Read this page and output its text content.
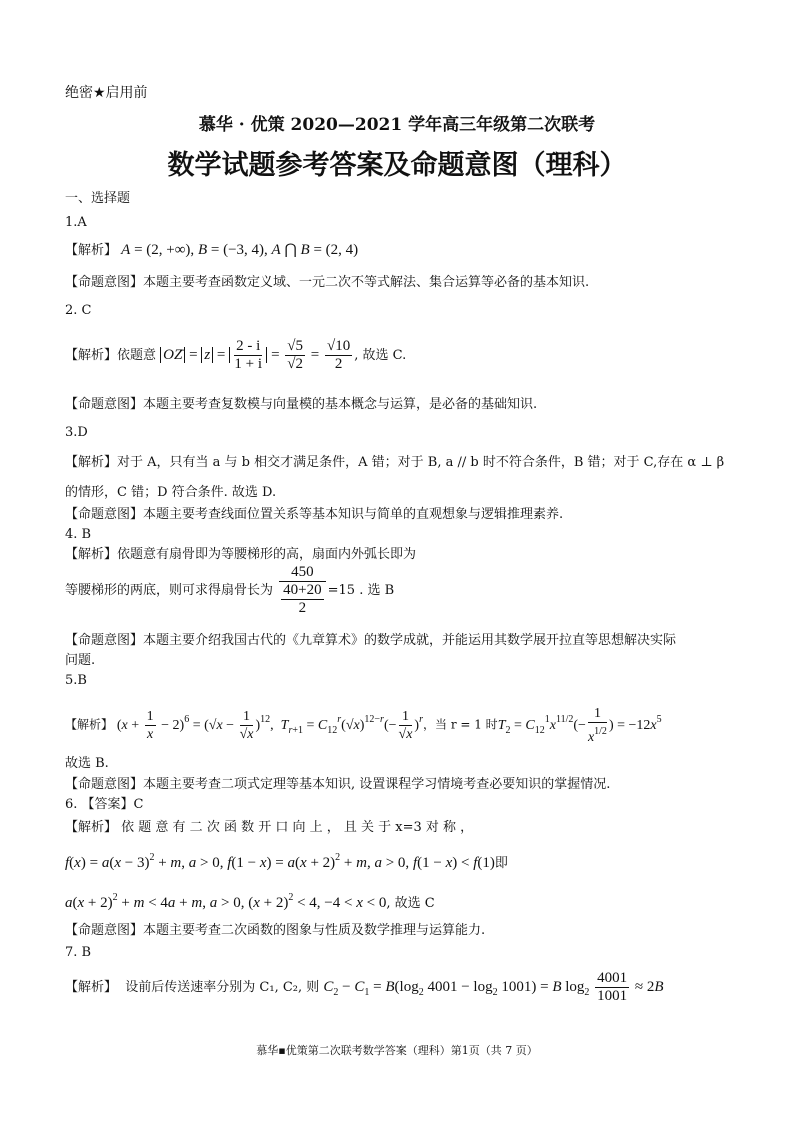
绝密★启用前
慕华 · 优策 2020—2021 学年高三年级第二次联考
数学试题参考答案及命题意图（理科）
一、选择题
1.A
【解析】 A = (2, +∞), B = (−3, 4), A ⋂ B = (2, 4)
【命题意图】本题主要考查函数定义域、一元二次不等式解法、集合运算等必备的基本知识.
2. C
【解析】依题意 OZ = $z = \frac{2 - i}{1 + i} = \frac{√5}{√2} = \frac{√10}{2}$ , 故选 C.
【命题意图】本题主要考查复数模与向量模的基本概念与运算，是必备的基础知识.
3.D
【解析】对于 A，只有当 a 与 b 相交才满足条件，A 错；对于 B, a // b 时不符合条件，B 错；对于 C,存在 α ⊥ β
的情形，C 错；D 符合条件. 故选 D.
【命题意图】本题主要考查线面位置关系等基本知识与简单的直观想象与逻辑推理素养.
4. B
【解析】依题意有扇骨即为等腰梯形的高，扇面内外弧长即为
等腰梯形的两底，则可求得扇骨长为 $\frac{450}{\frac{40+20}{2}} =15$ . 选 B
【命题意图】本题主要介绍我国古代的《九章算术》的数学成就，并能运用其数学展开拉直等思想解决实际
问题.
5.B
【解析】 $(x + \frac{1}{x} - 2)^6 = (√x - \frac{1}{√x} )^{12}$,  $T_{r+1} = C_{12}^r(√x)^{12-r}(- \frac{1}{√x} )^r$，当 r = 1 时$T_2 = C_{12}^1x^{11/2}(- \frac{1}{x^{1/2}}$ ) = $-12x^5$
故选 B.
【命题意图】本题主要考查二项式定理等基本知识, 设置课程学习情境考查必要知识的掌握情况.
6. 【答案】C
【解析】 依 题 意 有 二 次 函 数 开 口 向 上 ， 且 关 于 x=3 对 称 ，
$f(x) = a(x - 3)^2 + m$, a > 0, $f(1 - x) = a(x + 2)^2 + m$, a > 0, f(1 − x) < f(1)即
$a(x + 2)^2 + m < 4a + m$, a > 0, $(x + 2)^2 < 4$, −4 < x < 0, 故选 C
【命题意图】本题主要考查二次函数的图象与性质及数学推理与运算能力.
7. B
【解析】 设前后传送速率分别为 C₁, C₂, 则 $C_2 - C_1 = B(\log_2$ $4001 - \log_2 1001) = B$ $\log_2 \frac{4001}{1001} \approx 2B$
慕华▪优策第二次联考数学答案（理科）第1页（共 7 页）
